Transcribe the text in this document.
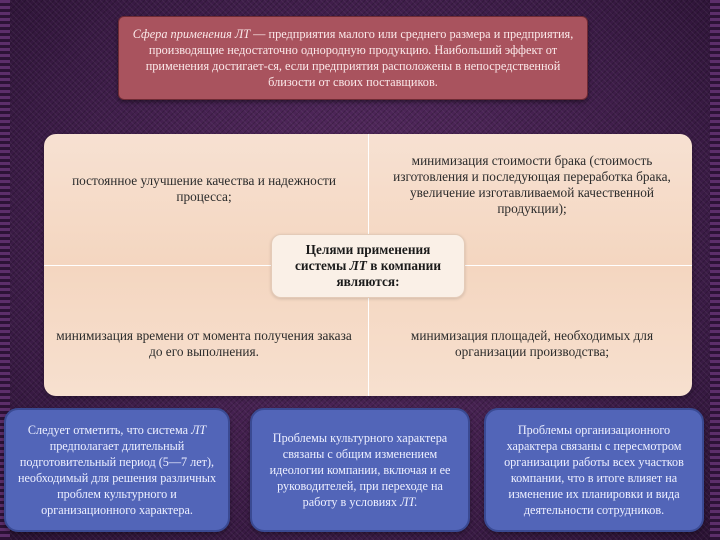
Сфера применения ЛТ — предприятия малого или среднего размера и предприятия, производящие недостаточно однородную продукцию. Наибольший эффект от применения достигает-ся, если предприятия расположены в непосредственной близости от своих поставщиков.

постоянное улучшение качества и надежности процесса;
минимизация стоимости брака (стоимость изготовления и последующая переработка брака, увеличение изготавливаемой качественной продукции);
минимизация времени от момента получения заказа до его выполнения.
минимизация площадей, необходимых для организации производства;
Целями применения
системы ЛТ в компании
являются:

Следует отметить, что система ЛТ предполагает длительный подготовительный период (5—7 лет), необходимый для решения различных проблем культурного и организационного характера.

Проблемы культурного характера связаны с общим изменением идеологии компании, включая и ее руководителей, при переходе на работу в условиях ЛТ.

Проблемы организационного характера связаны с пересмотром организации работы всех участков компании, что в итоге влияет на изменение их планировки и вида деятельности сотрудников.
